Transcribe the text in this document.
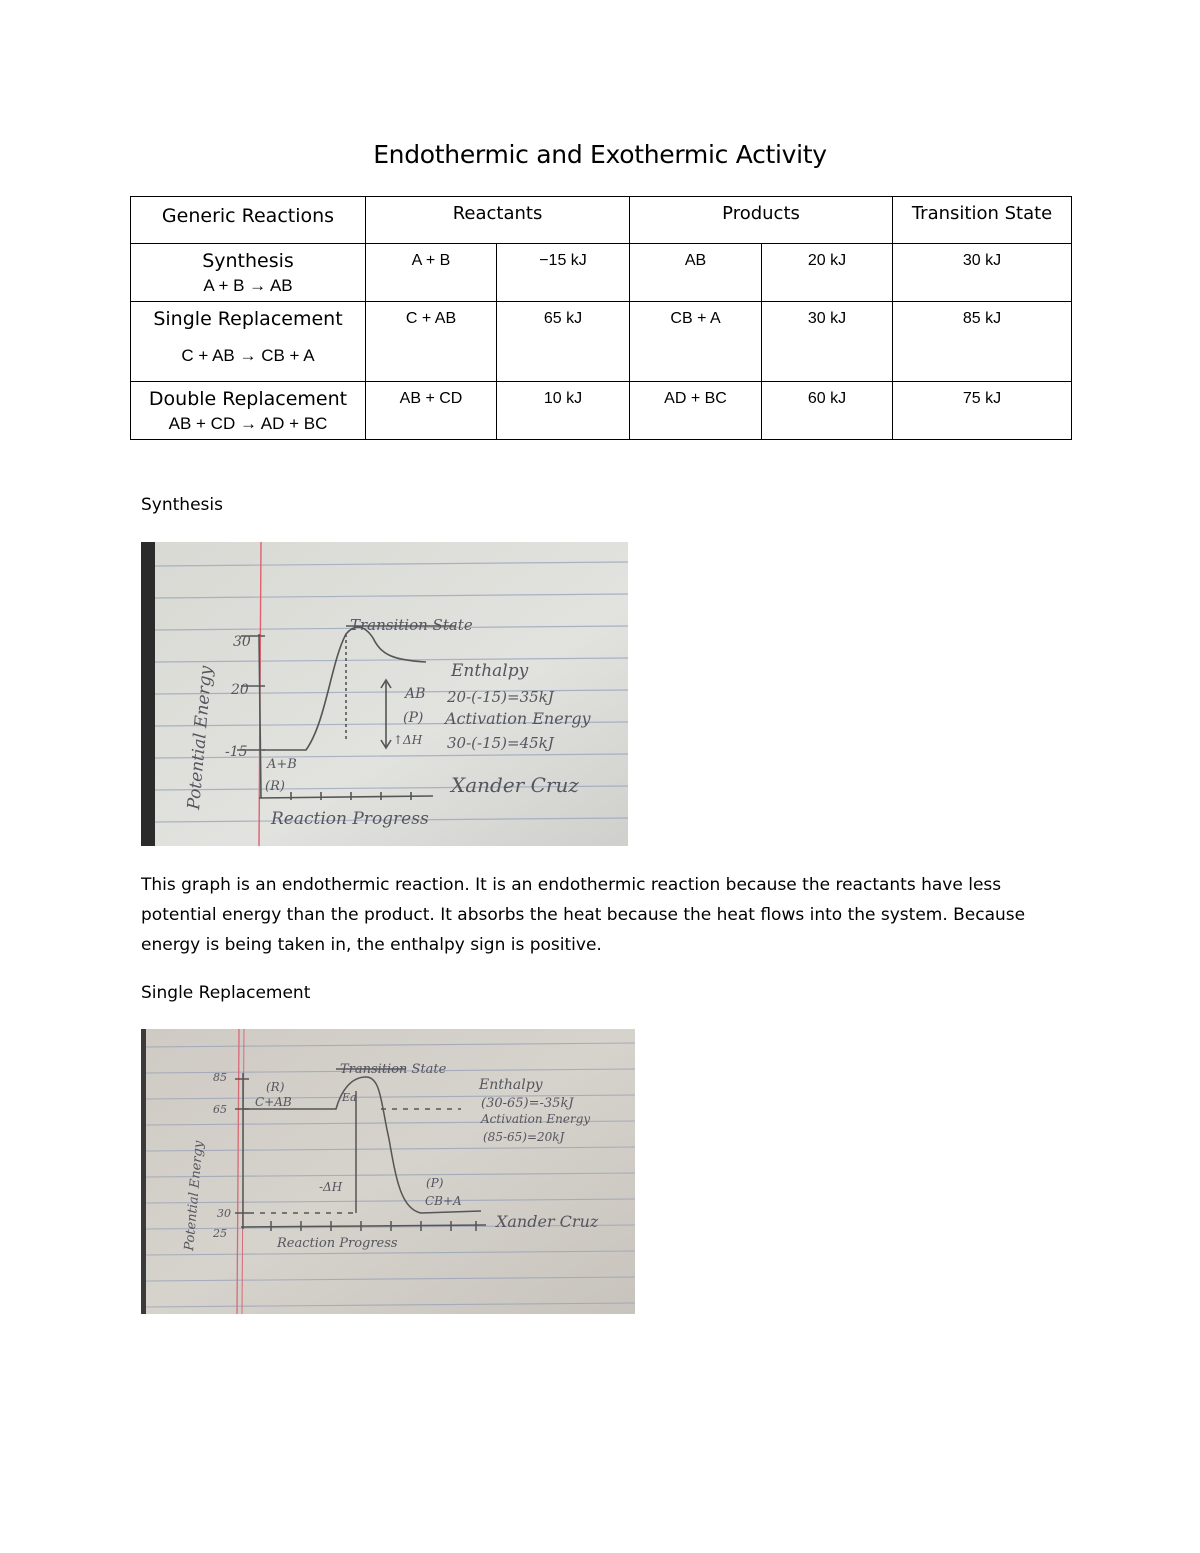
Endothermic and Exothermic Activity
Generic Reactions	Reactants		Products		Transition State

Synthesis
A + B → AB	A + B	−15 kJ	AB	20 kJ	30 kJ

Single Replacement
C + AB → CB + A	C + AB	65 kJ	CB + A	30 kJ	85 kJ

Double Replacement
AB + CD → AD + BC	AB + CD	10 kJ	AD + BC	60 kJ	75 kJ
Synthesis
Potential Energy
30
20
-15
Transition State
A+B
(R)
AB
(P)
↑ΔH
Enthalpy
20-(-15)=35kJ
Activation Energy
30-(-15)=45kJ
Xander Cruz
Reaction Progress
This graph is an endothermic reaction. It is an endothermic reaction because the reactants have less potential energy than the product. It absorbs the heat because the heat flows into the system. Because energy is being taken in, the enthalpy sign is positive.
Single Replacement
Potential Energy
85
65
30
25
Transition State
(R)
C+AB	Ea
-ΔH	(P)
CB+A
Enthalpy
(30-65)=-35kJ
Activation Energy
(85-65)=20kJ
Xander Cruz
Reaction Progress
